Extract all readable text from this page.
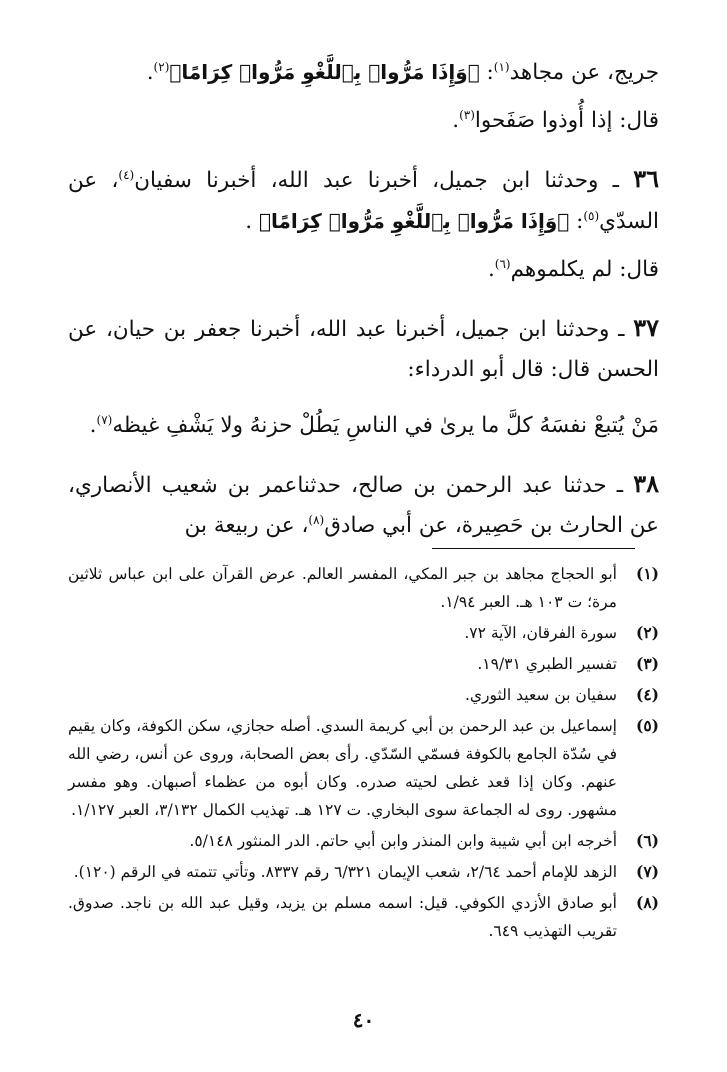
جريج، عن مجاهد$^{(١)}$: ﴿وَإِذَا مَرُّوا۟ بِٱللَّغْوِ مَرُّوا۟ كِرَامًا﴾$^{(٢)}$.

قال: إذا أُوذوا صَفَحوا$^{(٣)}$.

٣٦ ـ وحدثنا ابن جميل، أخبرنا عبد الله، أخبرنا سفيان$^{(٤)}$، عن السدّي$^{(٥)}$: ﴿وَإِذَا مَرُّوا۟ بِٱللَّغْوِ مَرُّوا۟ كِرَامًا﴾ .

قال: لم يكلموهم$^{(٦)}$.

٣٧ ـ وحدثنا ابن جميل، أخبرنا عبد الله، أخبرنا جعفر بن حيان، عن الحسن قال: قال أبو الدرداء:

مَنْ يُتبعْ نفسَهُ كلَّ ما يرىٰ في الناسِ يَطُلْ حزنهُ ولا يَشْفِ غيظه$^{(٧)}$.

٣٨ ـ حدثنا عبد الرحمن بن صالح، حدثناعمر بن شعيب الأنصاري، عن الحارث بن حَصِيرة، عن أبي صادق$^{(٨)}$، عن ربيعة بن

(١)
أبو الحجاج مجاهد بن جبر المكي، المفسر العالم. عرض القرآن على ابن عباس ثلاثين مرة؛ ت ١٠٣ هـ. العبر ١/٩٤.
(٢)
سورة الفرقان، الآية ٧٢.
(٣)
تفسير الطبري ١٩/٣١.
(٤)
سفيان بن سعيد الثوري.
(٥)
إسماعيل بن عبد الرحمن بن أبي كريمة السدي. أصله حجازي، سكن الكوفة، وكان يقيم في سُدّة الجامع بالكوفة فسمّي السّدّي. رأى بعض الصحابة، وروى عن أنس، رضي الله عنهم. وكان إذا قعد غطى لحيته صدره. وكان أبوه من عظماء أصبهان. وهو مفسر مشهور. روى له الجماعة سوى البخاري. ت ١٢٧ هـ. تهذيب الكمال ٣/١٣٢، العبر ١/١٢٧.
(٦)
أخرجه ابن أبي شيبة وابن المنذر وابن أبي حاتم. الدر المنثور ٥/١٤٨.
(٧)
الزهد للإمام أحمد ٢/٦٤، شعب الإيمان ٦/٣٢١ رقم ٨٣٣٧. وتأتي تتمته في الرقم (١٢٠).
(٨)
أبو صادق الأزدي الكوفي. قيل: اسمه مسلم بن يزيد، وقيل عبد الله بن ناجد. صدوق. تقريب التهذيب ٦٤٩.
٤٠
